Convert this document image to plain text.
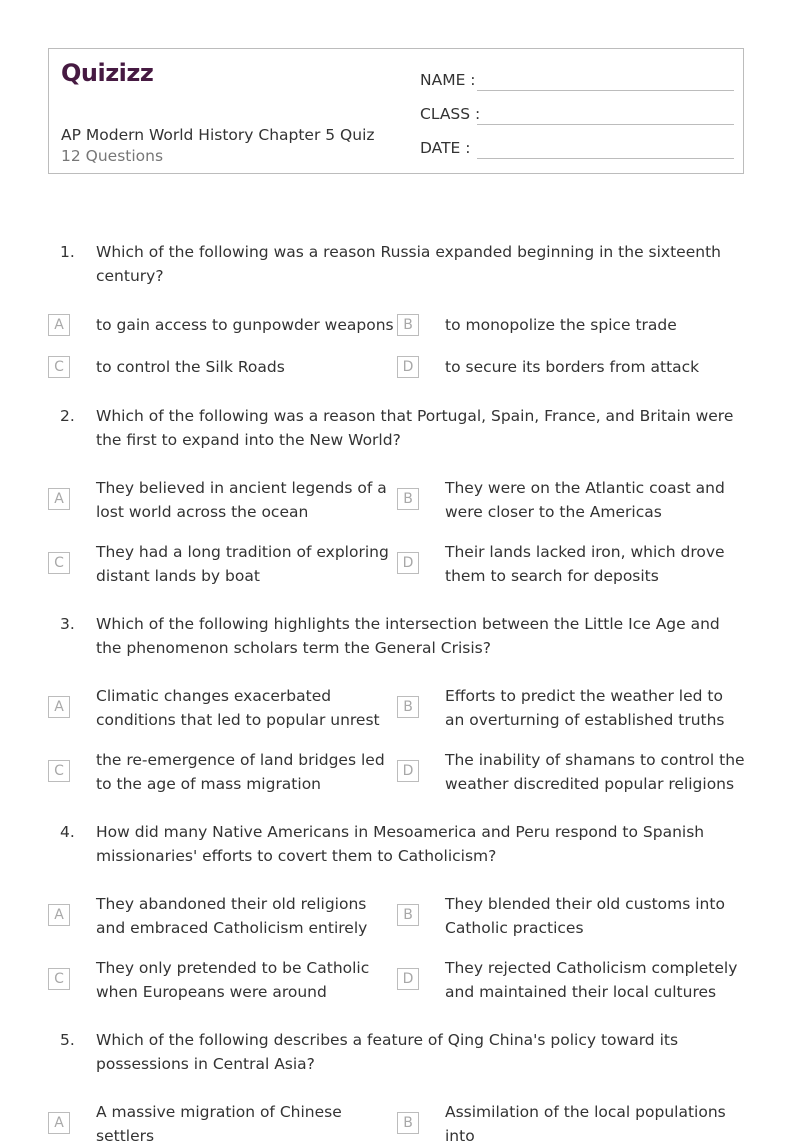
Quizizz
AP Modern World History Chapter 5 Quiz
12 Questions
NAME :
CLASS :
DATE :
1.	Which of the following was a reason Russia expanded beginning in the sixteenth century?
A	to gain access to gunpowder weapons B	to monopolize the spice trade
C	to control the Silk Roads	D	to secure its borders from attack
2.	Which of the following was a reason that Portugal, Spain, France, and Britain were the first to expand into the New World?
A
They believed in ancient legends of a lost world across the ocean
B
They were on the Atlantic coast and were closer to the Americas
C
They had a long tradition of exploring distant lands by boat
D
Their lands lacked iron, which drove them to search for deposits
3.	Which of the following highlights the intersection between the Little Ice Age and the phenomenon scholars term the General Crisis?
A
Climatic changes exacerbated conditions that led to popular unrest
B
Efforts to predict the weather led to an overturning of established truths
C
the re-emergence of land bridges led to the age of mass migration
D
The inability of shamans to control the weather discredited popular religions
4.	How did many Native Americans in Mesoamerica and Peru respond to Spanish missionaries' efforts to covert them to Catholicism?
A
They abandoned their old religions and embraced Catholicism entirely
B
They blended their old customs into Catholic practices
C
They only pretended to be Catholic when Europeans were around
D
They rejected Catholicism completely and maintained their local cultures
5.	Which of the following describes a feature of Qing China's policy toward its possessions in Central Asia?
A
A massive migration of Chinese settlers
B
Assimilation of the local populations into
